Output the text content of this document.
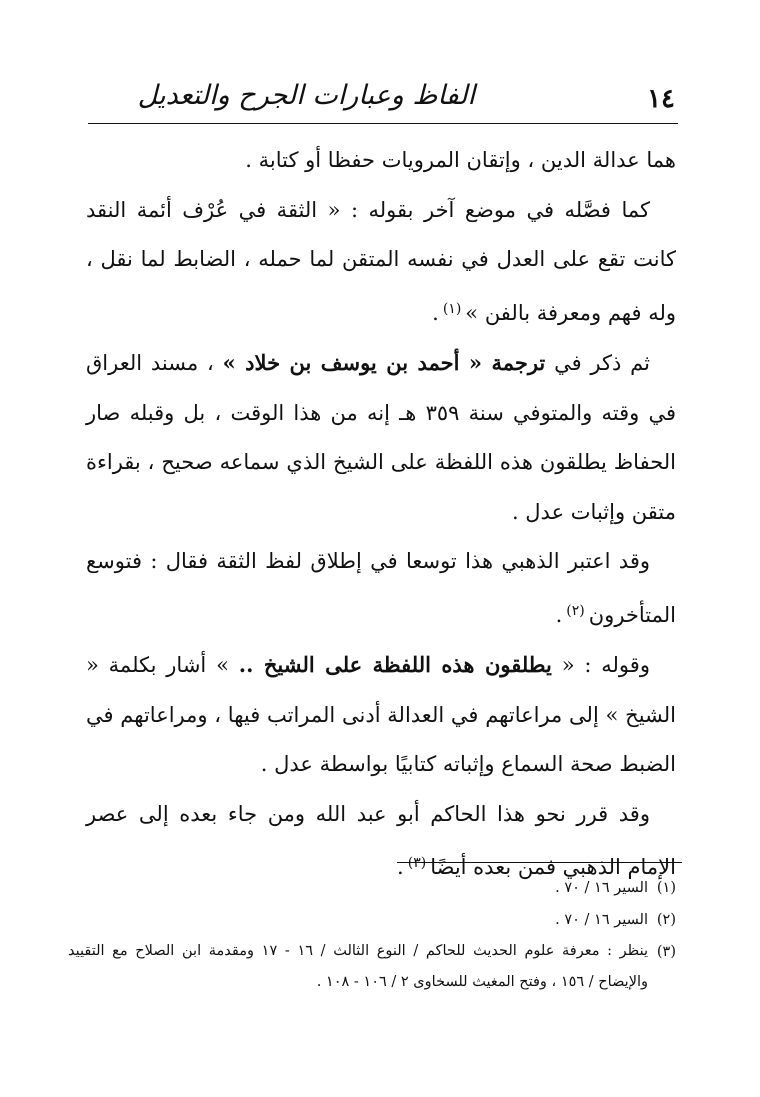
الفاظ وعبارات الجرح والتعديل	١٤

هما عدالة الدين ، وإتقان المرويات حفظا أو كتابة .

كما فصَّله في موضع آخر بقوله : « الثقة في عُرْف أئمة النقد كانت تقع على العدل في نفسه المتقن لما حمله ، الضابط لما نقل ، وله فهم ومعرفة بالفن »$^{(١)}$.

ثم ذكر في ترجمة « أحمد بن يوسف بن خلاد » ، مسند العراق في وقته والمتوفي سنة ٣٥٩ هـ إنه من هذا الوقت ، بل وقبله صار الحفاظ يطلقون هذه اللفظة على الشيخ الذي سماعه صحيح ، بقراءة متقن وإثبات عدل .

وقد اعتبر الذهبي هذا توسعا في إطلاق لفظ الثقة فقال : فتوسع المتأخرون$^{(٢)}$.

وقوله : « يطلقون هذه اللفظة على الشيخ .. » أشار بكلمة « الشيخ » إلى مراعاتهم في العدالة أدنى المراتب فيها ، ومراعاتهم في الضبط صحة السماع وإثباته كتابيًا بواسطة عدل .

وقد قرر نحو هذا الحاكم أبو عبد الله ومن جاء بعده إلى عصر الإمام الذهبي فمن بعده أيضًا$^{(٣)}$.

(١)
السير ١٦ / ٧٠ .
(٢)
السير ١٦ / ٧٠ .
(٣)
ينظر : معرفة علوم الحديث للحاكم / النوع الثالث / ١٦ - ١٧ ومقدمة ابن الصلاح مع التقييد والإيضاح / ١٥٦ ، وفتح المغيث للسخاوى ٢ / ١٠٦ - ١٠٨ .
